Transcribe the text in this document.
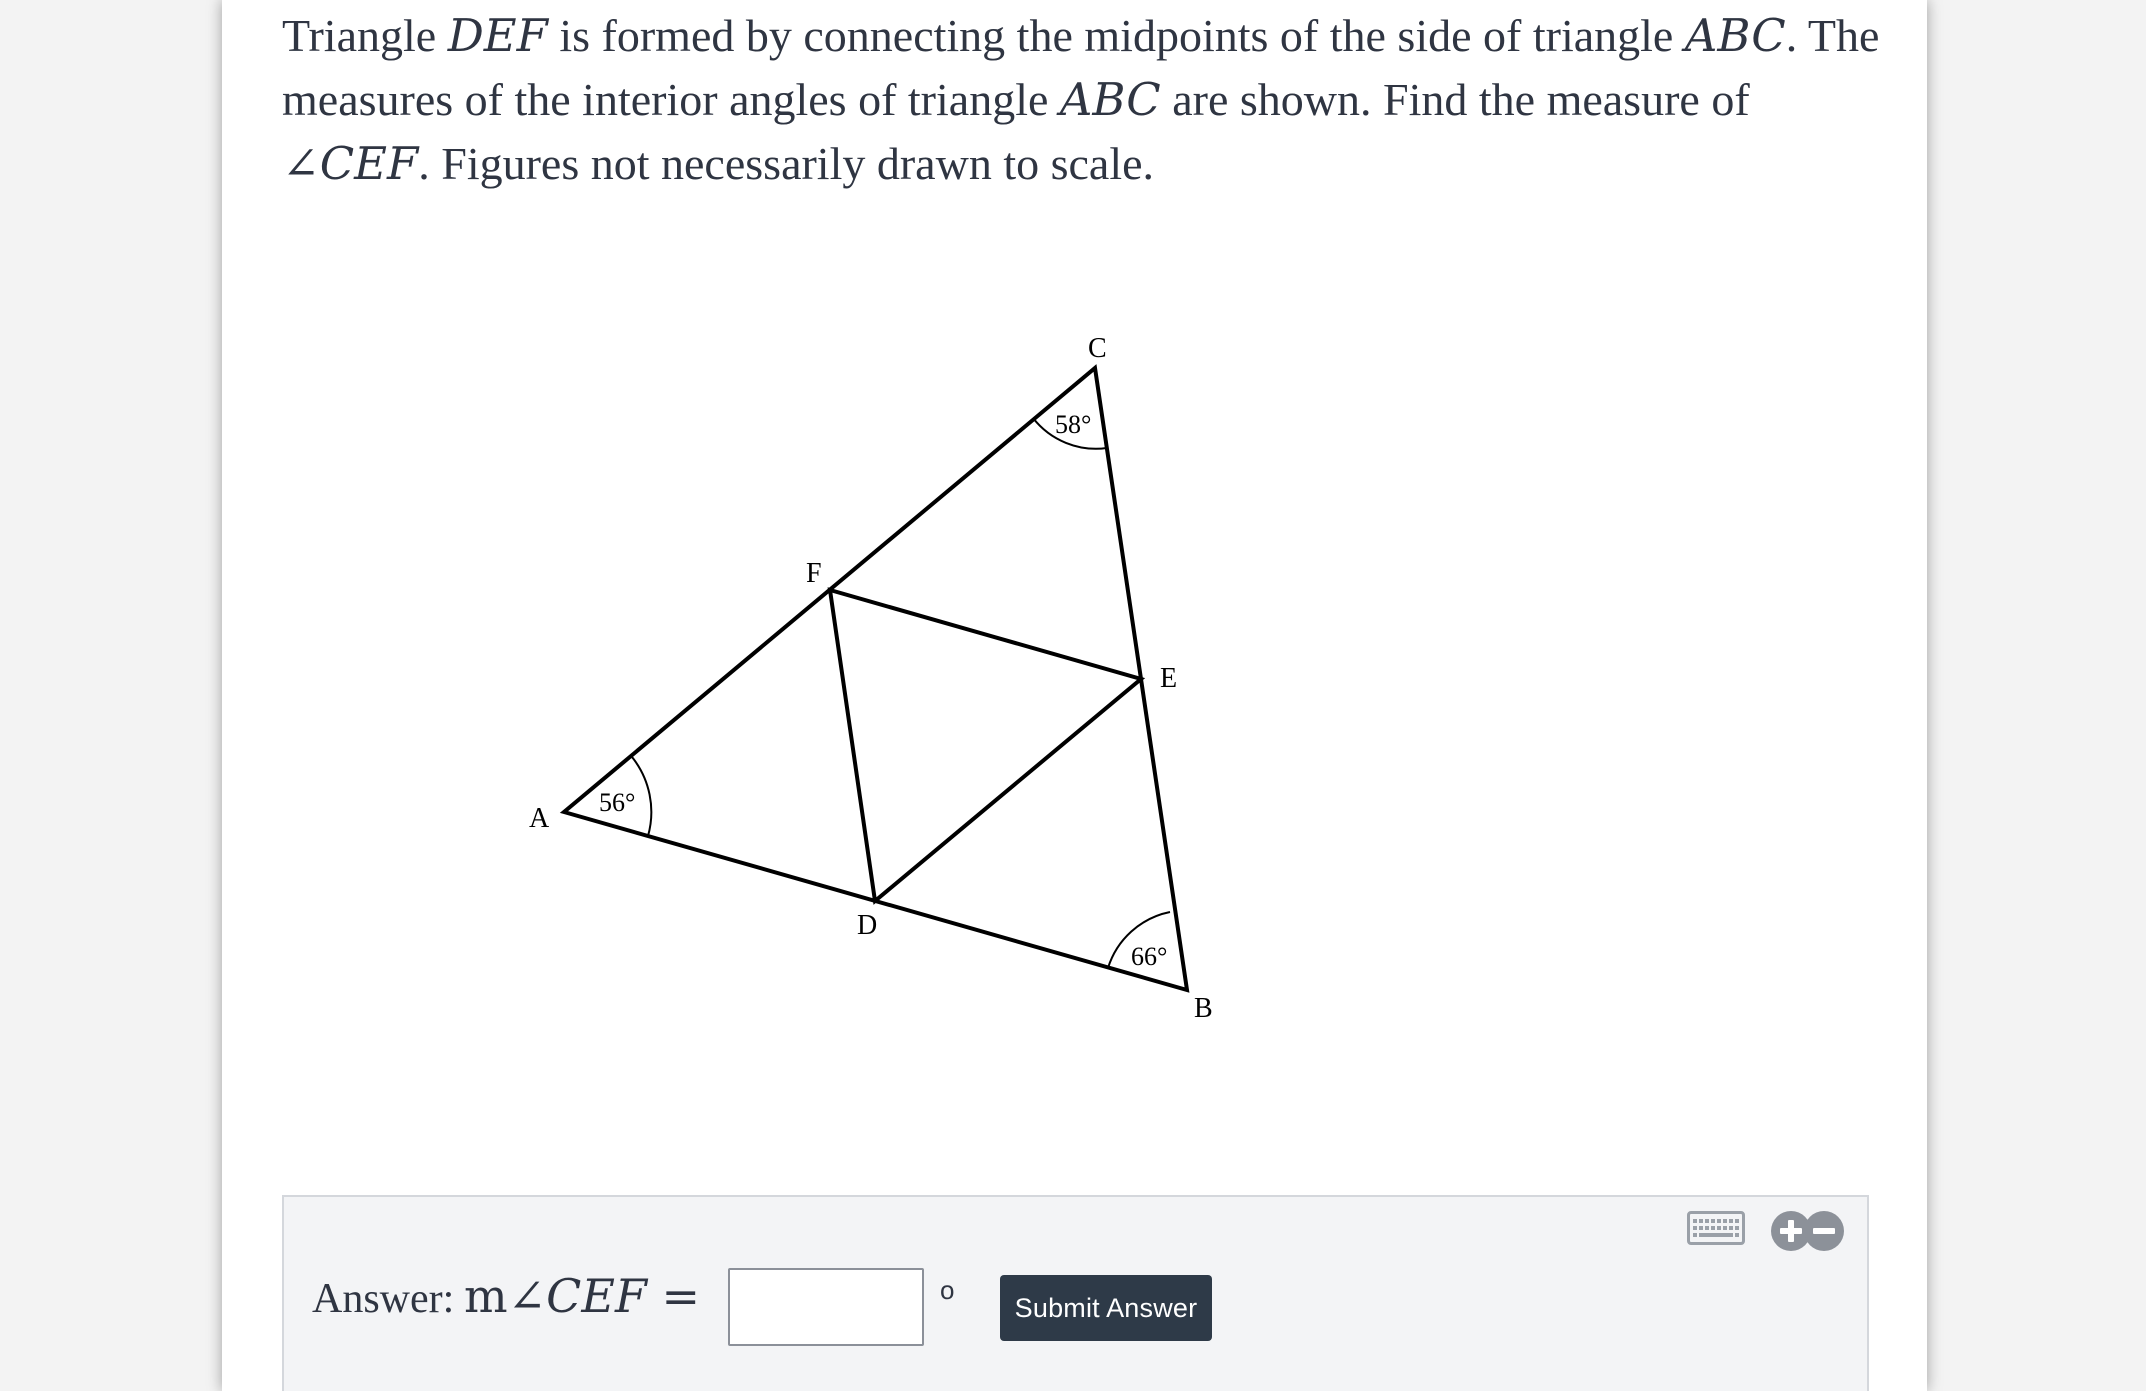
Triangle DEF is formed by connecting the midpoints of the side of triangle ABC. The measures of the interior angles of triangle ABC are shown. Find the measure of ∠CEF. Figures not necessarily drawn to scale.
C
F
E
A
D
B
58°
56°
66°
Answer: m∠CEF =	o
Submit Answer
